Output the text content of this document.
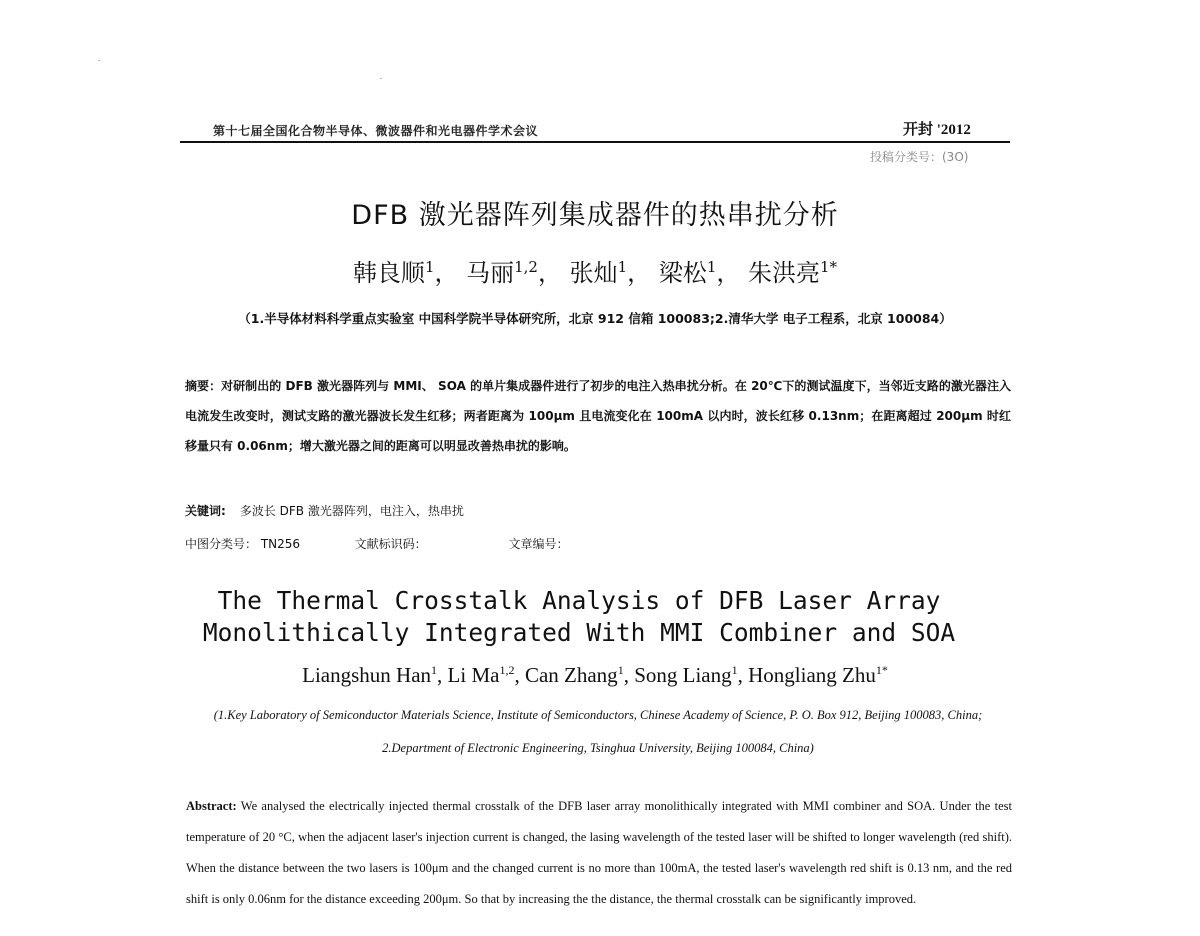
第十七届全国化合物半导体、微波器件和光电器件学术会议	开封 '2012
投稿分类号：(3O)
DFB 激光器阵列集成器件的热串扰分析
韩良顺$^1$， 马丽$^{1,2}$， 张灿$^1$， 梁松$^1$， 朱洪亮$^{1*}$
（1.半导体材料科学重点实验室 中国科学院半导体研究所，北京 912 信箱 100083;2.清华大学 电子工程系，北京 100084）
摘要：对研制出的 DFB 激光器阵列与 MMI、 SOA 的单片集成器件进行了初步的电注入热串扰分析。在 20℃下的测试温度下，当邻近支路的激光器注入电流发生改变时，测试支路的激光器波长发生红移；两者距离为 100μm 且电流变化在 100mA 以内时，波长红移 0.13nm；在距离超过 200μm 时红移量只有 0.06nm；增大激光器之间的距离可以明显改善热串扰的影响。
关键词: 多波长 DFB 激光器阵列，电注入，热串扰
中图分类号： TN256	文献标识码：	文章编号：
The Thermal Crosstalk Analysis of DFB Laser Array
Monolithically Integrated With MMI Combiner and SOA
Liangshun Han$^1$, Li Ma$^{1,2}$, Can Zhang$^1$, Song Liang$^1$, Hongliang Zhu$^{1*}$
(1.Key Laboratory of Semiconductor Materials Science, Institute of Semiconductors, Chinese Academy of Science, P. O. Box 912, Beijing 100083, China; 2.Department of Electronic Engineering, Tsinghua University, Beijing 100084, China)
Abstract: We analysed the electrically injected thermal crosstalk of the DFB laser array monolithically integrated with MMI combiner and SOA. Under the test temperature of 20 °C, when the adjacent laser's injection current is changed, the lasing wavelength of the tested laser will be shifted to longer wavelength (red shift). When the distance between the two lasers is 100μm and the changed current is no more than 100mA, the tested laser's wavelength red shift is 0.13 nm, and the red shift is only 0.06nm for the distance exceeding 200μm. So that by increasing the the distance, the thermal crosstalk can be significantly improved.
